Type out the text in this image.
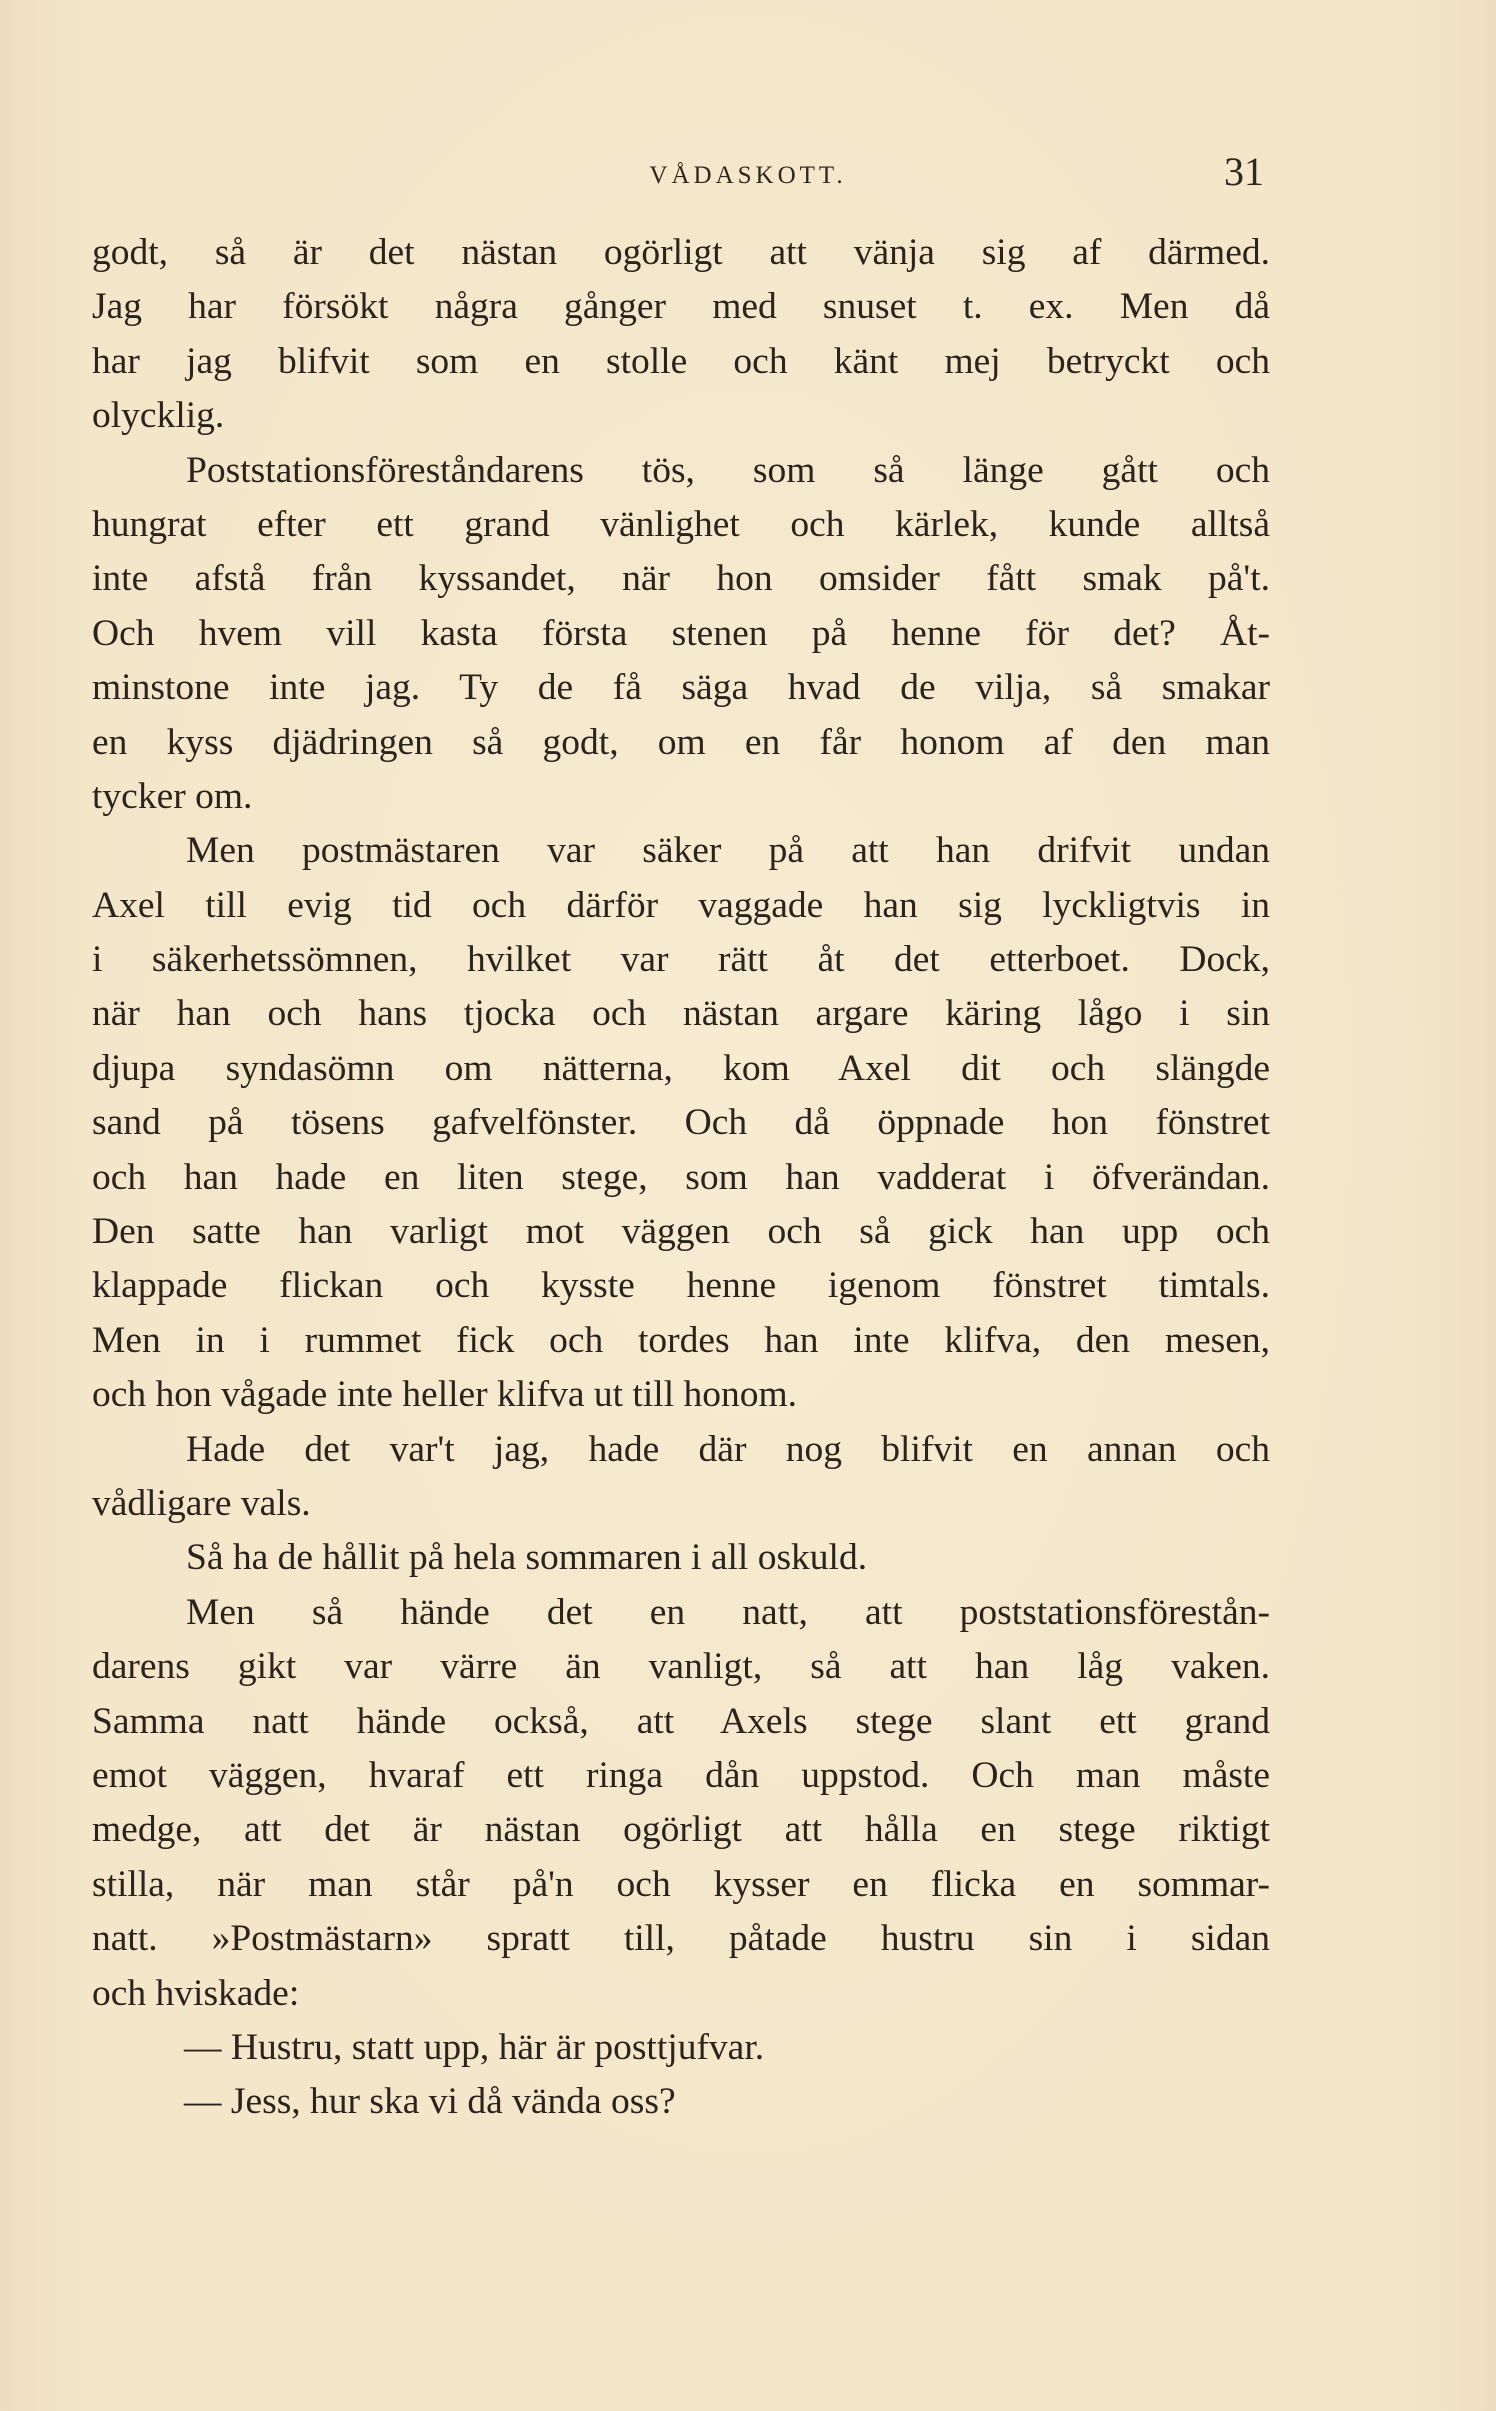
VÅDASKOTT.	31
godt, så är det nästan ogörligt att vänja sig af därmed.
Jag har försökt några gånger med snuset t. ex. Men då
har jag blifvit som en stolle och känt mej betryckt och
olycklig.
Poststationsföreståndarens tös, som så länge gått och
hungrat efter ett grand vänlighet och kärlek, kunde alltså
inte afstå från kyssandet, när hon omsider fått smak på't.
Och hvem vill kasta första stenen på henne för det? Åt-
minstone inte jag. Ty de få säga hvad de vilja, så smakar
en kyss djädringen så godt, om en får honom af den man
tycker om.
Men postmästaren var säker på att han drifvit undan
Axel till evig tid och därför vaggade han sig lyckligtvis in
i säkerhetssömnen, hvilket var rätt åt det etterboet. Dock,
när han och hans tjocka och nästan argare käring lågo i sin
djupa syndasömn om nätterna, kom Axel dit och slängde
sand på tösens gafvelfönster. Och då öppnade hon fönstret
och han hade en liten stege, som han vadderat i öfverändan.
Den satte han varligt mot väggen och så gick han upp och
klappade flickan och kysste henne igenom fönstret timtals.
Men in i rummet fick och tordes han inte klifva, den mesen,
och hon vågade inte heller klifva ut till honom.
Hade det var't jag, hade där nog blifvit en annan och
vådligare vals.
Så ha de hållit på hela sommaren i all oskuld.
Men så hände det en natt, att poststationsförestån-
darens gikt var värre än vanligt, så att han låg vaken.
Samma natt hände också, att Axels stege slant ett grand
emot väggen, hvaraf ett ringa dån uppstod. Och man måste
medge, att det är nästan ogörligt att hålla en stege riktigt
stilla, när man står på'n och kysser en flicka en sommar-
natt. »Postmästarn» spratt till, påtade hustru sin i sidan
och hviskade:
— Hustru, statt upp, här är posttjufvar.
— Jess, hur ska vi då vända oss?
